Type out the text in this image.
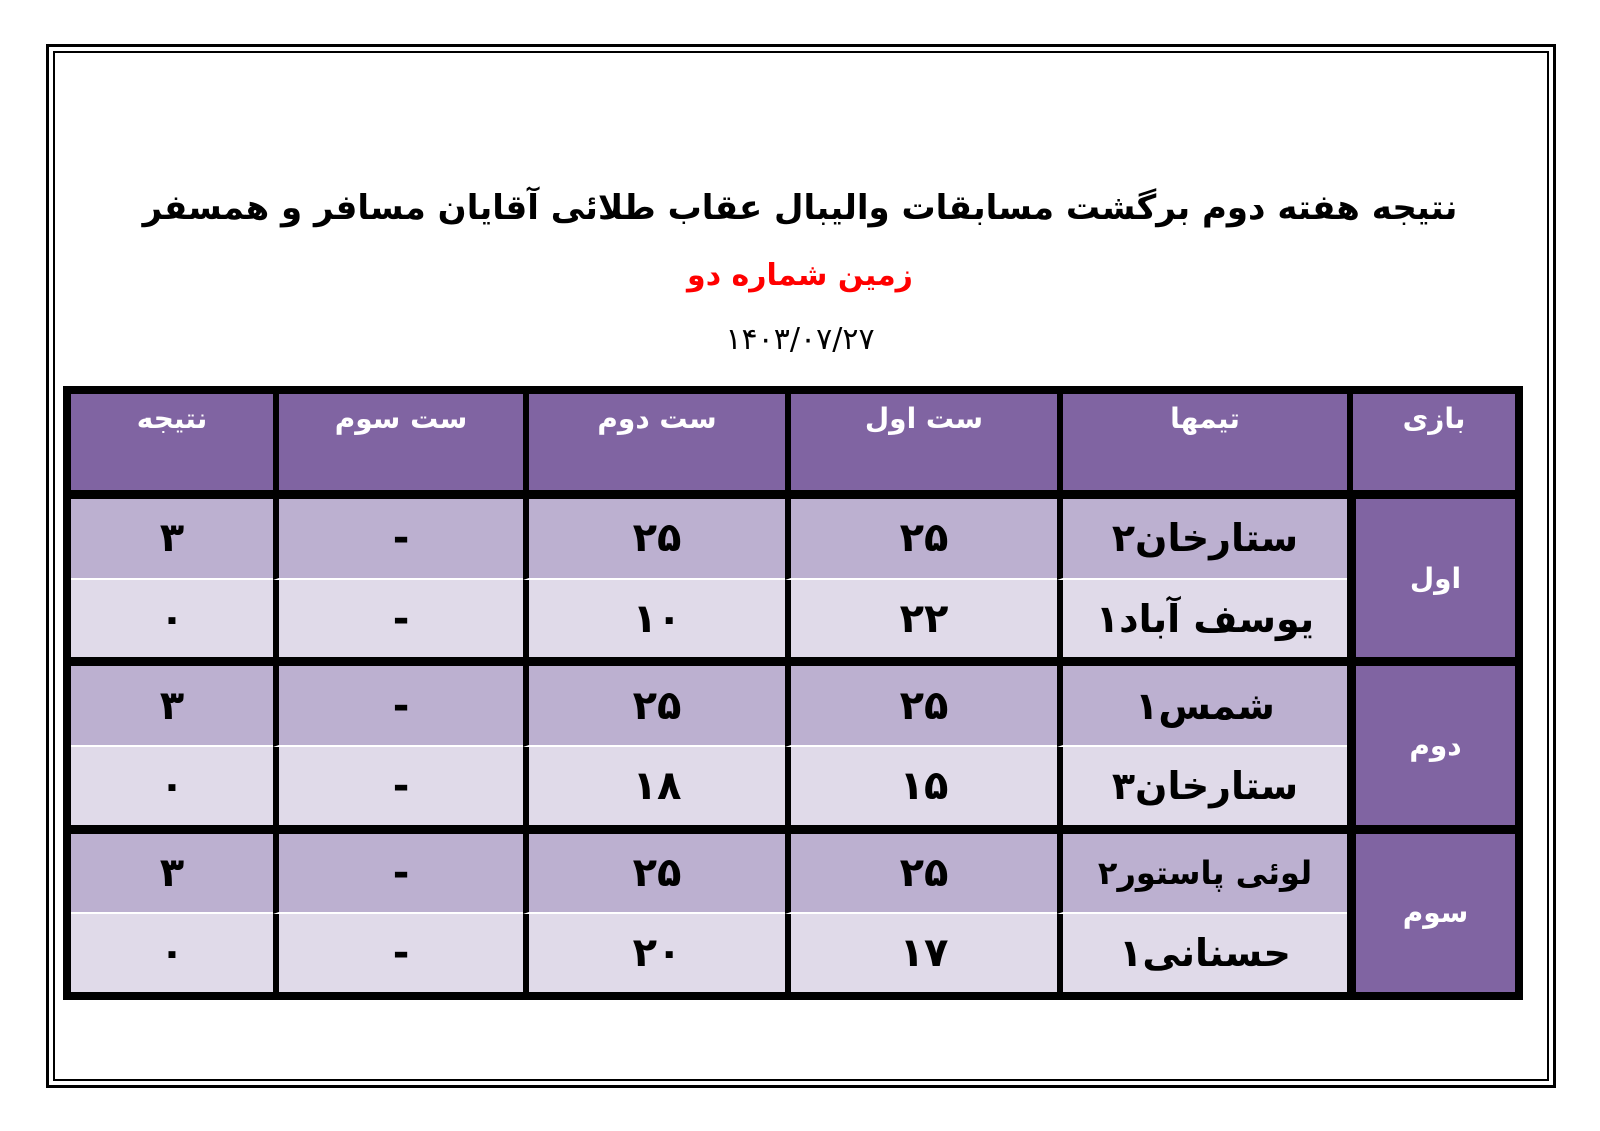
نتیجه هفته دوم برگشت مسابقات والیبال عقاب طلائی آقایان مسافر و همسفر
زمین شماره دو
۱۴۰۳/۰۷/۲۷
بازی	تیمها	ست اول	ست دوم	ست سوم	نتیجه

اول	ستارخان۲	۲۵	۲۵	-	۳
	یوسف آباد۱	۲۲	۱۰	-	۰

دوم	شمس۱	۲۵	۲۵	-	۳
	ستارخان۳	۱۵	۱۸	-	۰

سوم	لوئی پاستور۲	۲۵	۲۵	-	۳
	حسنانی۱	۱۷	۲۰	-	۰
